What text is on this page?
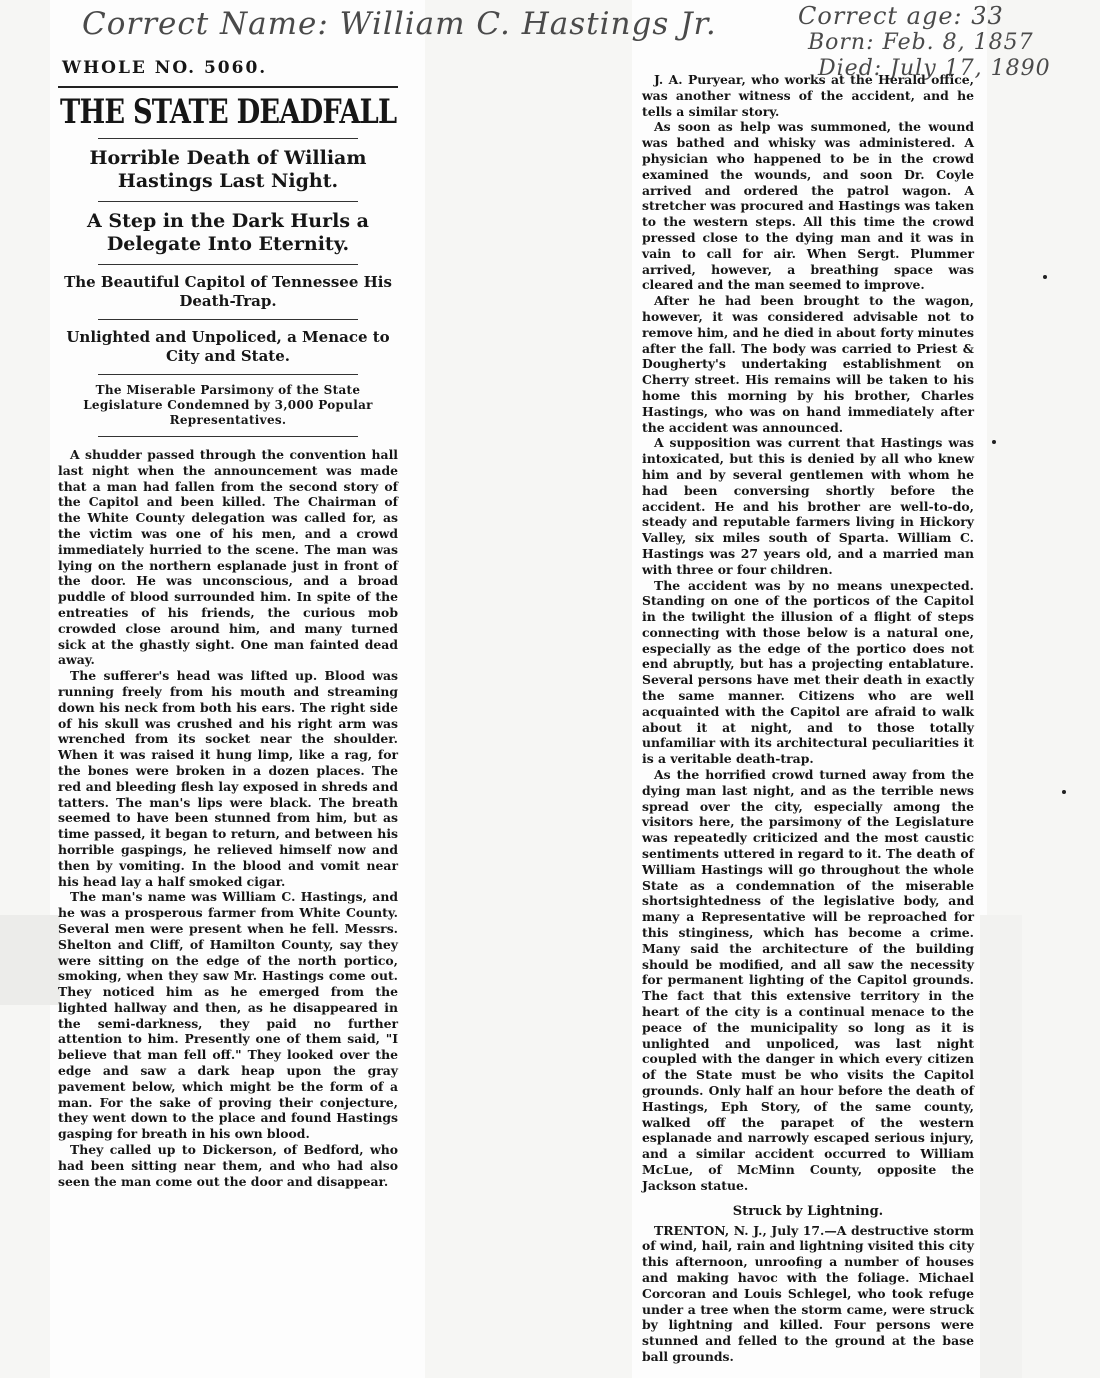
Correct Name: William C. Hastings Jr.	Correct age: 33
Born: Feb. 8, 1857
Died: July 17, 1890
WHOLE NO. 5060.
THE STATE DEADFALL
Horrible Death of William Hastings Last Night.
A Step in the Dark Hurls a Delegate Into Eternity.
The Beautiful Capitol of Tennessee His Death-Trap.
Unlighted and Unpoliced, a Menace to City and State.
The Miserable Parsimony of the State Legislature Condemned by 3,000 Popular Representatives.

A shudder passed through the convention hall last night when the announcement was made that a man had fallen from the second story of the Capitol and been killed. The Chairman of the White County delegation was called for, as the victim was one of his men, and a crowd immediately hurried to the scene. The man was lying on the northern esplanade just in front of the door. He was unconscious, and a broad puddle of blood surrounded him. In spite of the entreaties of his friends, the curious mob crowded close around him, and many turned sick at the ghastly sight. One man fainted dead away.

The sufferer's head was lifted up. Blood was running freely from his mouth and streaming down his neck from both his ears. The right side of his skull was crushed and his right arm was wrenched from its socket near the shoulder. When it was raised it hung limp, like a rag, for the bones were broken in a dozen places. The red and bleeding flesh lay exposed in shreds and tatters. The man's lips were black. The breath seemed to have been stunned from him, but as time passed, it began to return, and between his horrible gaspings, he relieved himself now and then by vomiting. In the blood and vomit near his head lay a half smoked cigar.

The man's name was William C. Hastings, and he was a prosperous farmer from White County. Several men were present when he fell. Messrs. Shelton and Cliff, of Hamilton County, say they were sitting on the edge of the north portico, smoking, when they saw Mr. Hastings come out. They noticed him as he emerged from the lighted hallway and then, as he disappeared in the semi-darkness, they paid no further attention to him. Presently one of them said, "I believe that man fell off." They looked over the edge and saw a dark heap upon the gray pavement below, which might be the form of a man. For the sake of proving their conjecture, they went down to the place and found Hastings gasping for breath in his own blood.

They called up to Dickerson, of Bedford, who had been sitting near them, and who had also seen the man come out the door and disappear.

J. A. Puryear, who works at the Herald office, was another witness of the accident, and he tells a similar story.

As soon as help was summoned, the wound was bathed and whisky was administered. A physician who happened to be in the crowd examined the wounds, and soon Dr. Coyle arrived and ordered the patrol wagon. A stretcher was procured and Hastings was taken to the western steps. All this time the crowd pressed close to the dying man and it was in vain to call for air. When Sergt. Plummer arrived, however, a breathing space was cleared and the man seemed to improve.

After he had been brought to the wagon, however, it was considered advisable not to remove him, and he died in about forty minutes after the fall. The body was carried to Priest & Dougherty's undertaking establishment on Cherry street. His remains will be taken to his home this morning by his brother, Charles Hastings, who was on hand immediately after the accident was announced.

A supposition was current that Hastings was intoxicated, but this is denied by all who knew him and by several gentlemen with whom he had been conversing shortly before the accident. He and his brother are well-to-do, steady and reputable farmers living in Hickory Valley, six miles south of Sparta. William C. Hastings was 27 years old, and a married man with three or four children.

The accident was by no means unexpected. Standing on one of the porticos of the Capitol in the twilight the illusion of a flight of steps connecting with those below is a natural one, especially as the edge of the portico does not end abruptly, but has a projecting entablature. Several persons have met their death in exactly the same manner. Citizens who are well acquainted with the Capitol are afraid to walk about it at night, and to those totally unfamiliar with its architectural peculiarities it is a veritable death-trap.

As the horrified crowd turned away from the dying man last night, and as the terrible news spread over the city, especially among the visitors here, the parsimony of the Legislature was repeatedly criticized and the most caustic sentiments uttered in regard to it. The death of William Hastings will go throughout the whole State as a condemnation of the miserable shortsightedness of the legislative body, and many a Representative will be reproached for this stinginess, which has become a crime. Many said the architecture of the building should be modified, and all saw the necessity for permanent lighting of the Capitol grounds. The fact that this extensive territory in the heart of the city is a continual menace to the peace of the municipality so long as it is unlighted and unpoliced, was last night coupled with the danger in which every citizen of the State must be who visits the Capitol grounds. Only half an hour before the death of Hastings, Eph Story, of the same county, walked off the parapet of the western esplanade and narrowly escaped serious injury, and a similar accident occurred to William McLue, of McMinn County, opposite the Jackson statue.

Struck by Lightning.

TRENTON, N. J., July 17.—A destructive storm of wind, hail, rain and lightning visited this city this afternoon, unroofing a number of houses and making havoc with the foliage. Michael Corcoran and Louis Schlegel, who took refuge under a tree when the storm came, were struck by lightning and killed. Four persons were stunned and felled to the ground at the base ball grounds.
